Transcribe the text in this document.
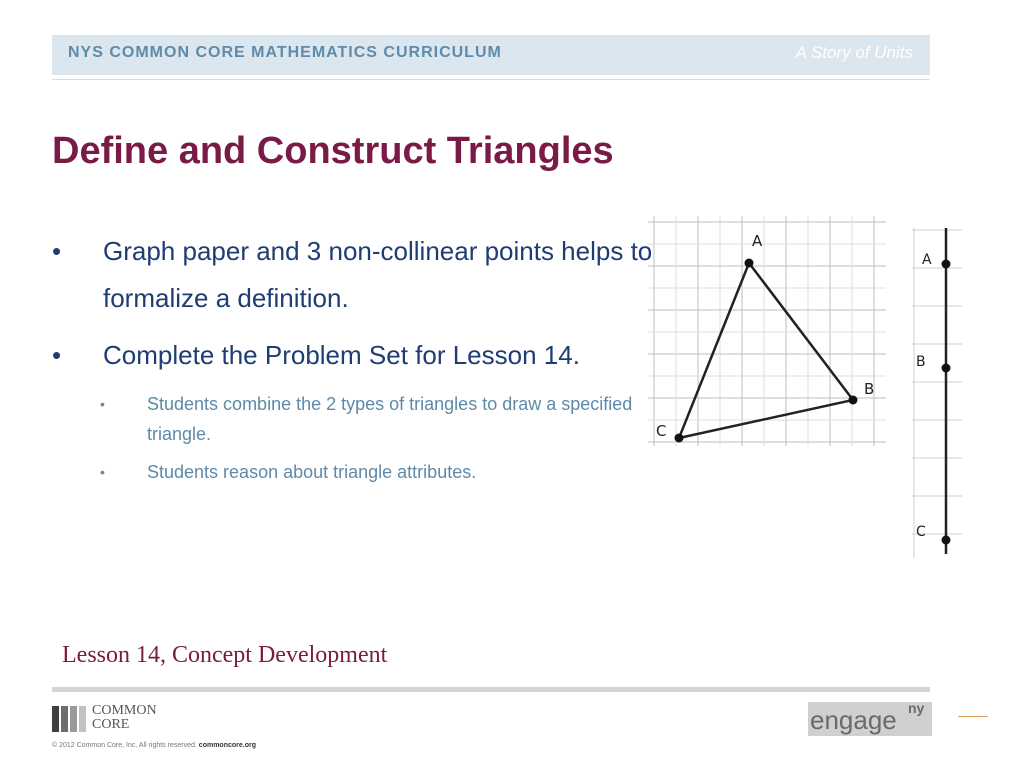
NYS COMMON CORE MATHEMATICS CURRICULUM	A Story of Units
Define and Construct Triangles
• Graph paper and 3 non-collinear points helps to formalize a definition.
• Complete the Problem Set for Lesson 14.
• Students combine the 2 types of triangles to draw a specified triangle.
• Students reason about triangle attributes.
A
B
C
A
B
C
Lesson 14, Concept Development
COMMON
CORE
© 2012 Common Core, Inc. All rights reserved. commoncore.org
engage ny
